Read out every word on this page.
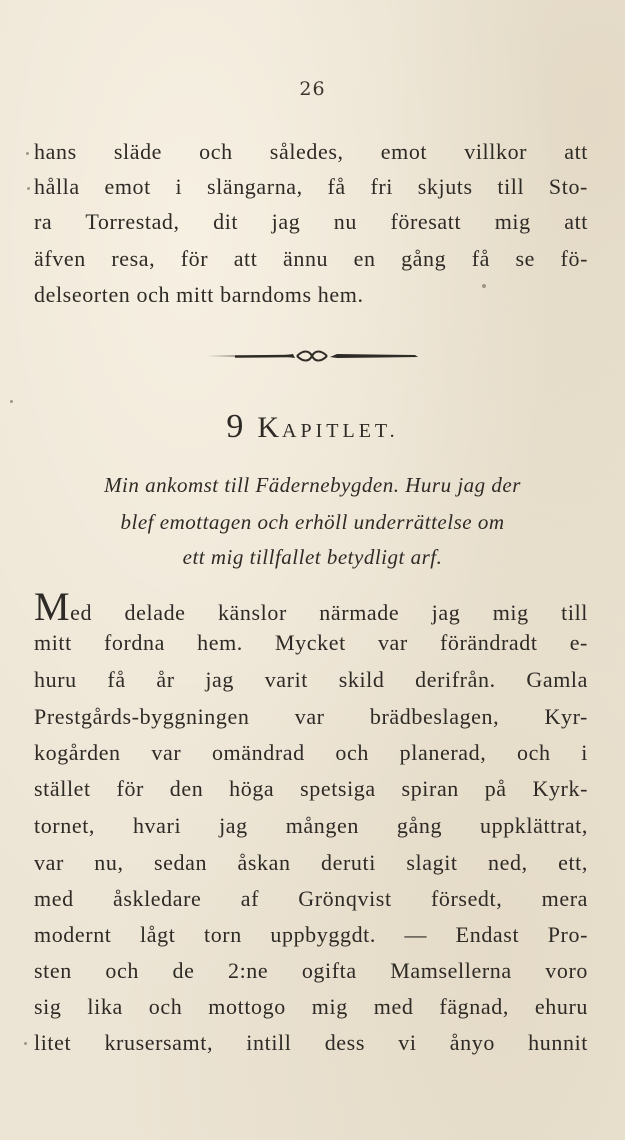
26
hans släde och således, emot villkor att
hålla emot i slängarna, få fri skjuts till Sto-
ra Torrestad, dit jag nu föresatt mig att
äfven resa, för att ännu en gång få se fö-
delseorten och mitt barndoms hem.
9 KAPITLET.
Min ankomst till Fädernebygden. Huru jag der
blef emottagen och erhöll underrättelse om
ett mig tillfallet betydligt arf.
Med delade känslor närmade jag mig till
mitt fordna hem. Mycket var förändradt e-
huru få år jag varit skild derifrån. Gamla
Prestgårds-byggningen var brädbeslagen, Kyr-
kogården var omändrad och planerad, och i
stället för den höga spetsiga spiran på Kyrk-
tornet, hvari jag mången gång uppklättrat,
var nu, sedan åskan deruti slagit ned, ett,
med åskledare af Grönqvist försedt, mera
modernt lågt torn uppbyggdt. — Endast Pro-
sten och de 2:ne ogifta Mamsellerna voro
sig lika och mottogo mig med fägnad, ehuru
litet krusersamt, intill dess vi ånyo hunnit
